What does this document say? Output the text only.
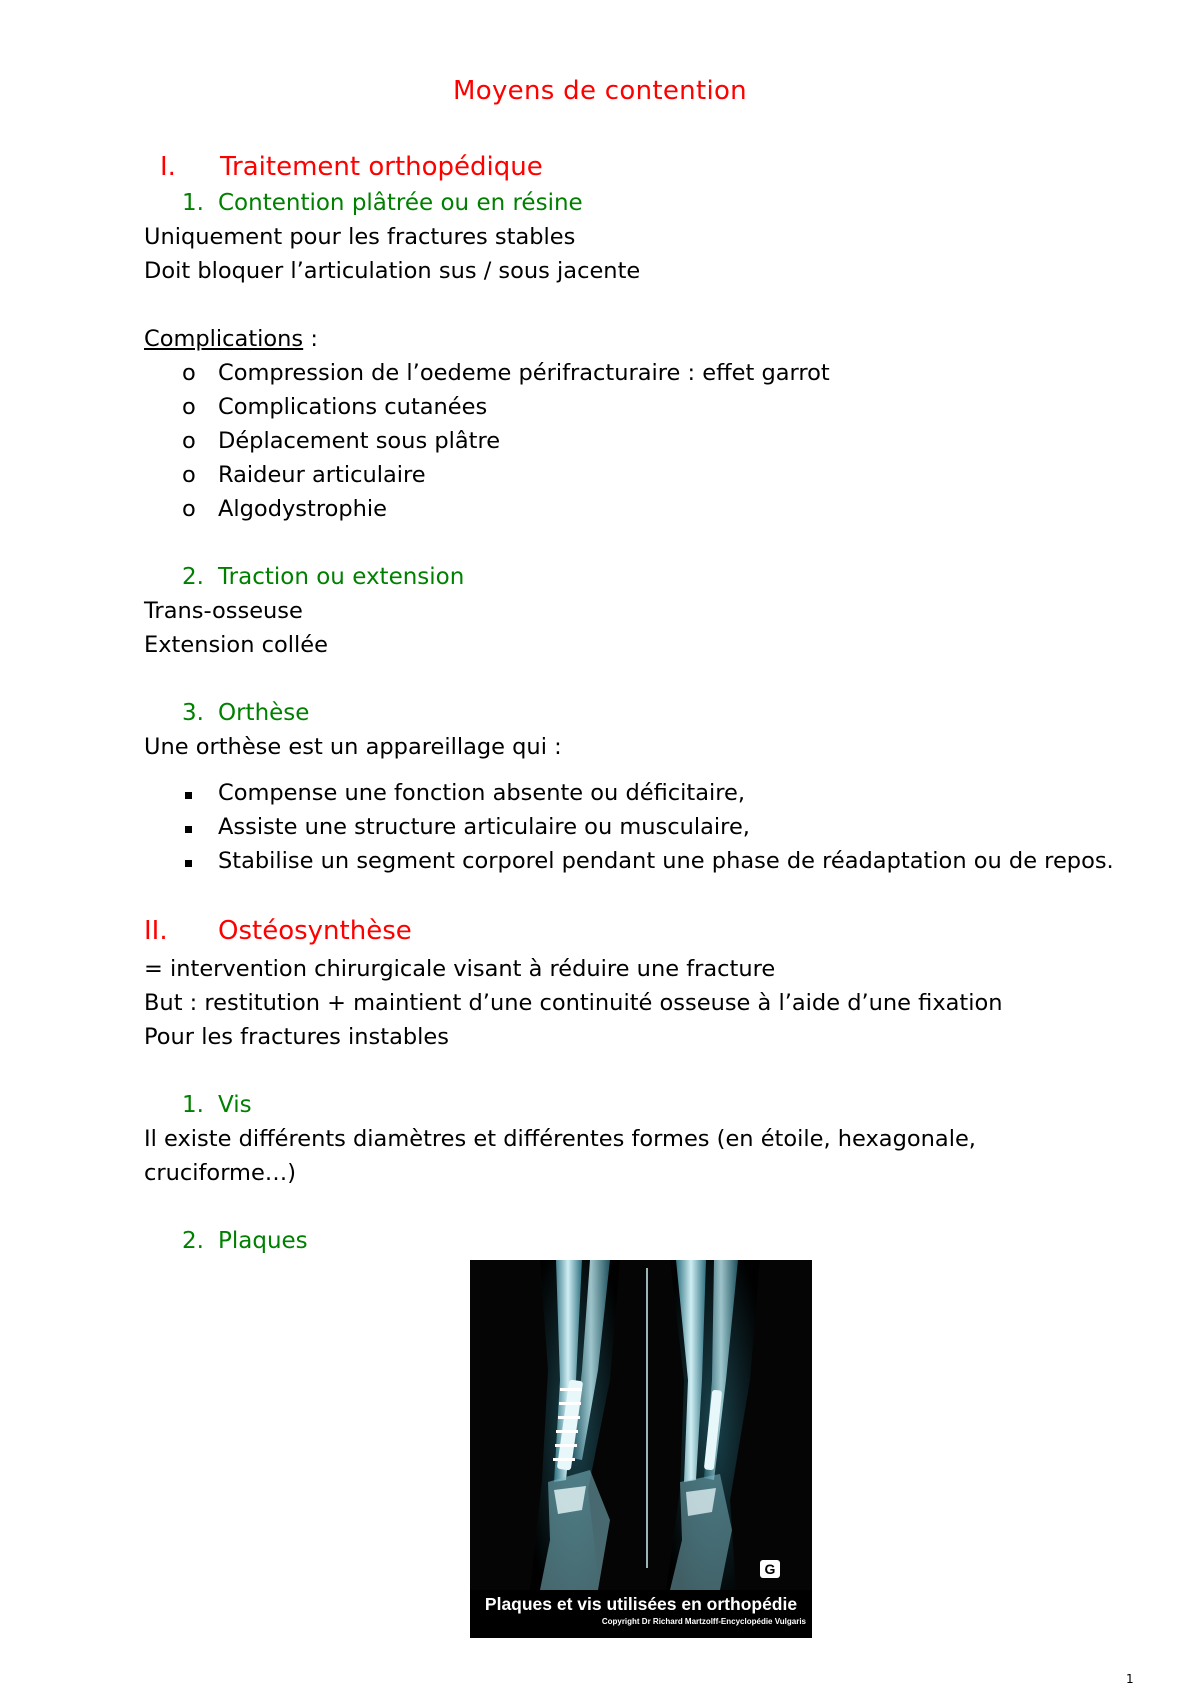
Moyens de contention
I. Traitement orthopédique
1. Contention plâtrée ou en résine
Uniquement pour les fractures stables
Doit bloquer l’articulation sus / sous jacente
Complications :
o Compression de l’oedeme périfracturaire : effet garrot
o Complications cutanées
o Déplacement sous plâtre
o Raideur articulaire
o Algodystrophie
2. Traction ou extension
Trans-osseuse
Extension collée
3. Orthèse
Une orthèse est un appareillage qui :
Compense une fonction absente ou déficitaire,
Assiste une structure articulaire ou musculaire,
Stabilise un segment corporel pendant une phase de réadaptation ou de repos.
II. Ostéosynthèse
= intervention chirurgicale visant à réduire une fracture
But : restitution + maintient d’une continuité osseuse à l’aide d’une fixation
Pour les fractures instables
1. Vis
Il existe différents diamètres et différentes formes (en étoile, hexagonale,
cruciforme…)
2. Plaques
G
Plaques et vis utilisées en orthopédie
Copyright Dr Richard Martzolff-Encyclopédie Vulgaris
1
